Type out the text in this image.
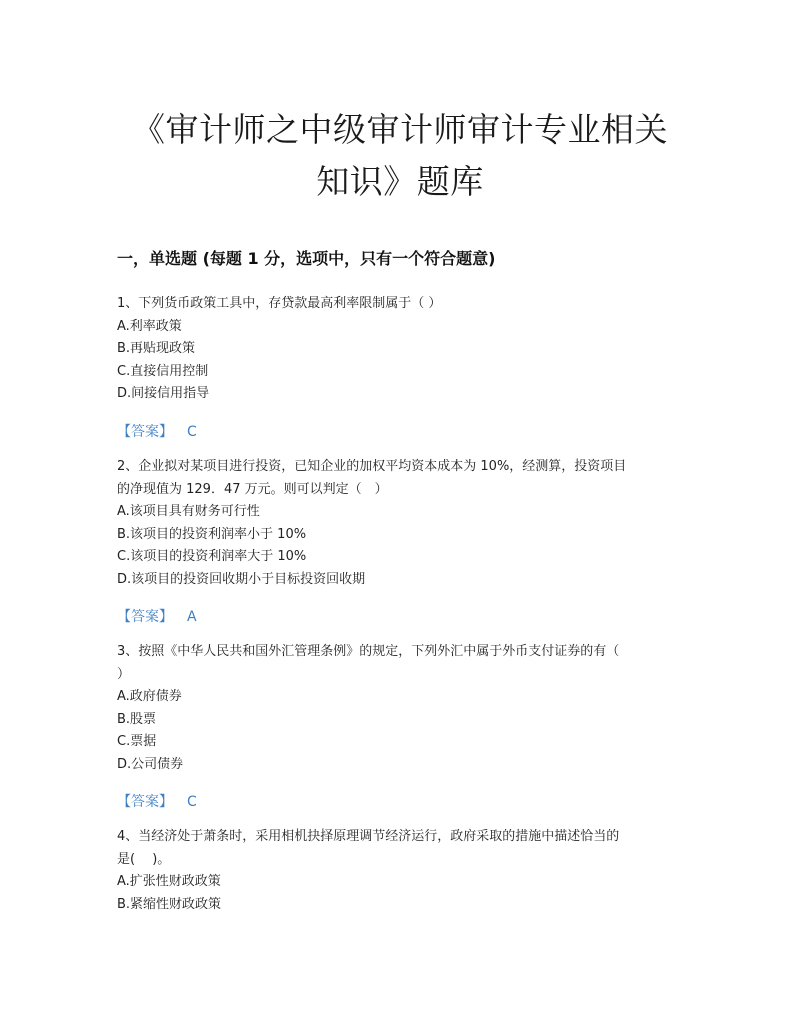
《审计师之中级审计师审计专业相关
知识》题库
一，单选题 (每题 1 分，选项中，只有一个符合题意)
1、下列货币政策工具中，存贷款最高利率限制属于（ ）
A.利率政策
B.再贴现政策
C.直接信用控制
D.间接信用指导
【答案】 C
2、企业拟对某项目进行投资，已知企业的加权平均资本成本为 10%，经测算，投资项目
的净现值为 129．47 万元。则可以判定（　）
A.该项目具有财务可行性
B.该项目的投资利润率小于 10%
C.该项目的投资利润率大于 10%
D.该项目的投资回收期小于目标投资回收期
【答案】 A
3、按照《中华人民共和国外汇管理条例》的规定，下列外汇中属于外币支付证券的有（
）
A.政府债券
B.股票
C.票据
D.公司债券
【答案】 C
4、当经济处于萧条时，采用相机抉择原理调节经济运行，政府采取的措施中描述恰当的
是(　 )。
A.扩张性财政政策
B.紧缩性财政政策
